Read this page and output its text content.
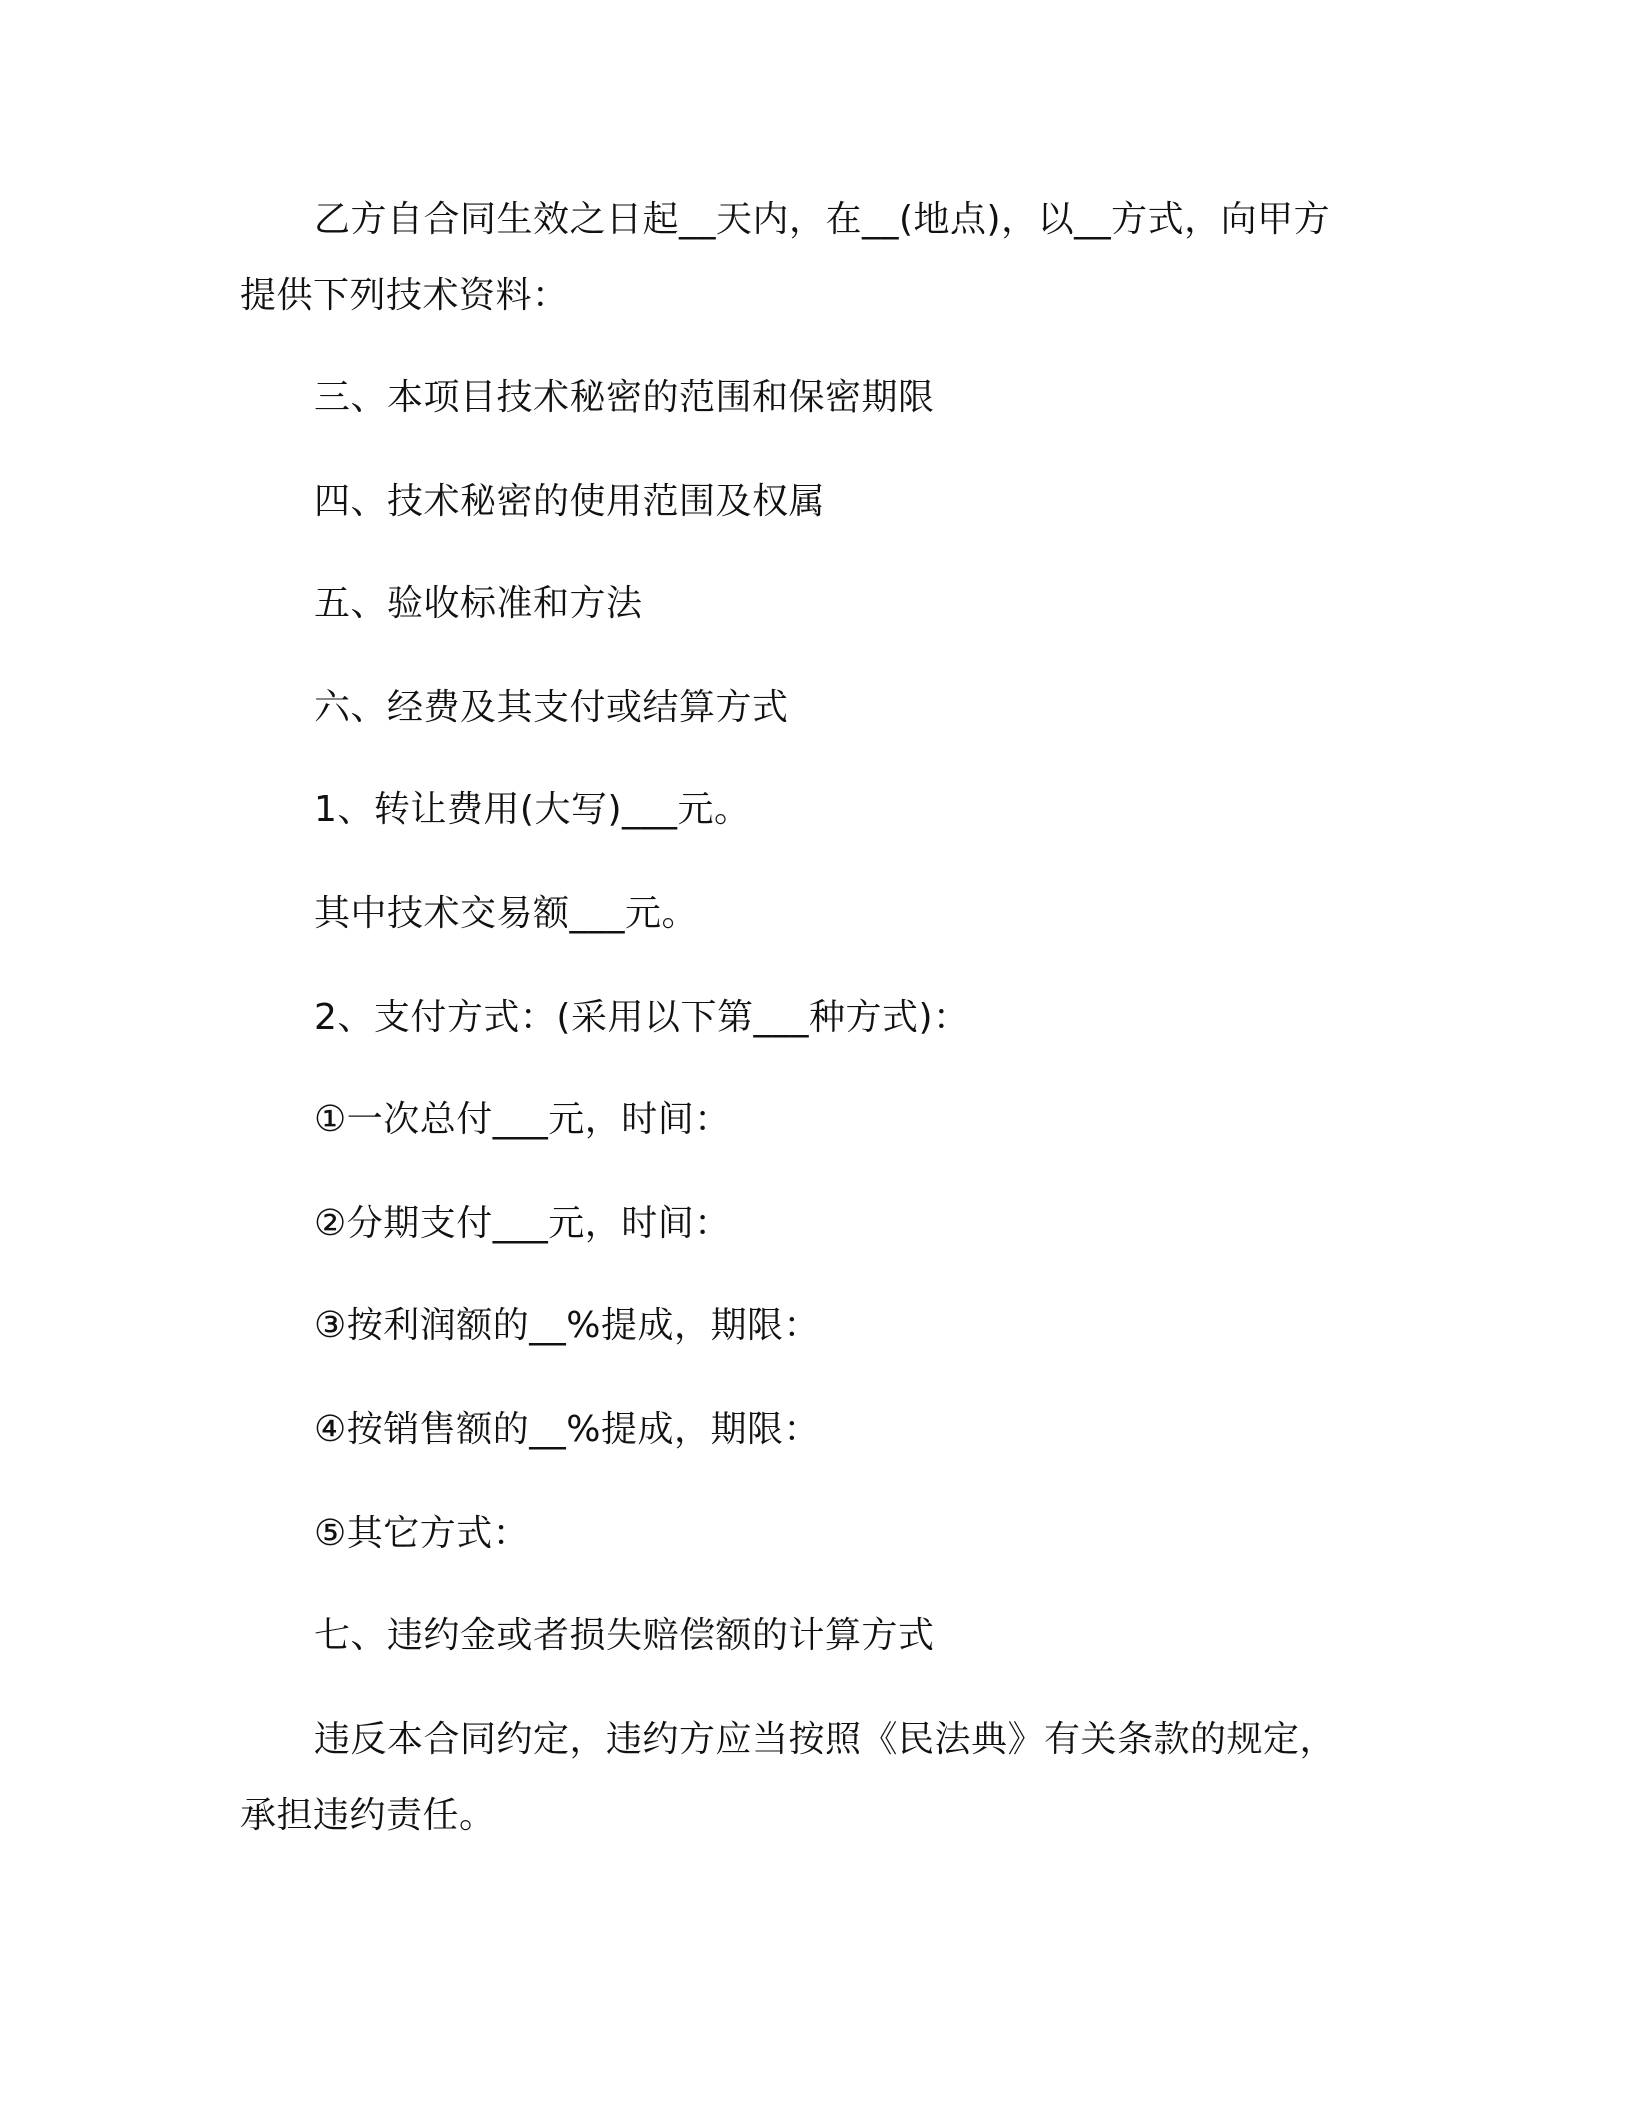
乙方自合同生效之日起__天内，在__(地点)，以__方式，向甲方
提供下列技术资料：
三、本项目技术秘密的范围和保密期限
四、技术秘密的使用范围及权属
五、验收标准和方法
六、经费及其支付或结算方式
1、转让费用(大写)___元。
其中技术交易额___元。
2、支付方式：(采用以下第___种方式)：
①一次总付___元，时间：
②分期支付___元，时间：
③按利润额的__%提成，期限：
④按销售额的__%提成，期限：
⑤其它方式：
七、违约金或者损失赔偿额的计算方式
违反本合同约定，违约方应当按照《民法典》有关条款的规定，
承担违约责任。
